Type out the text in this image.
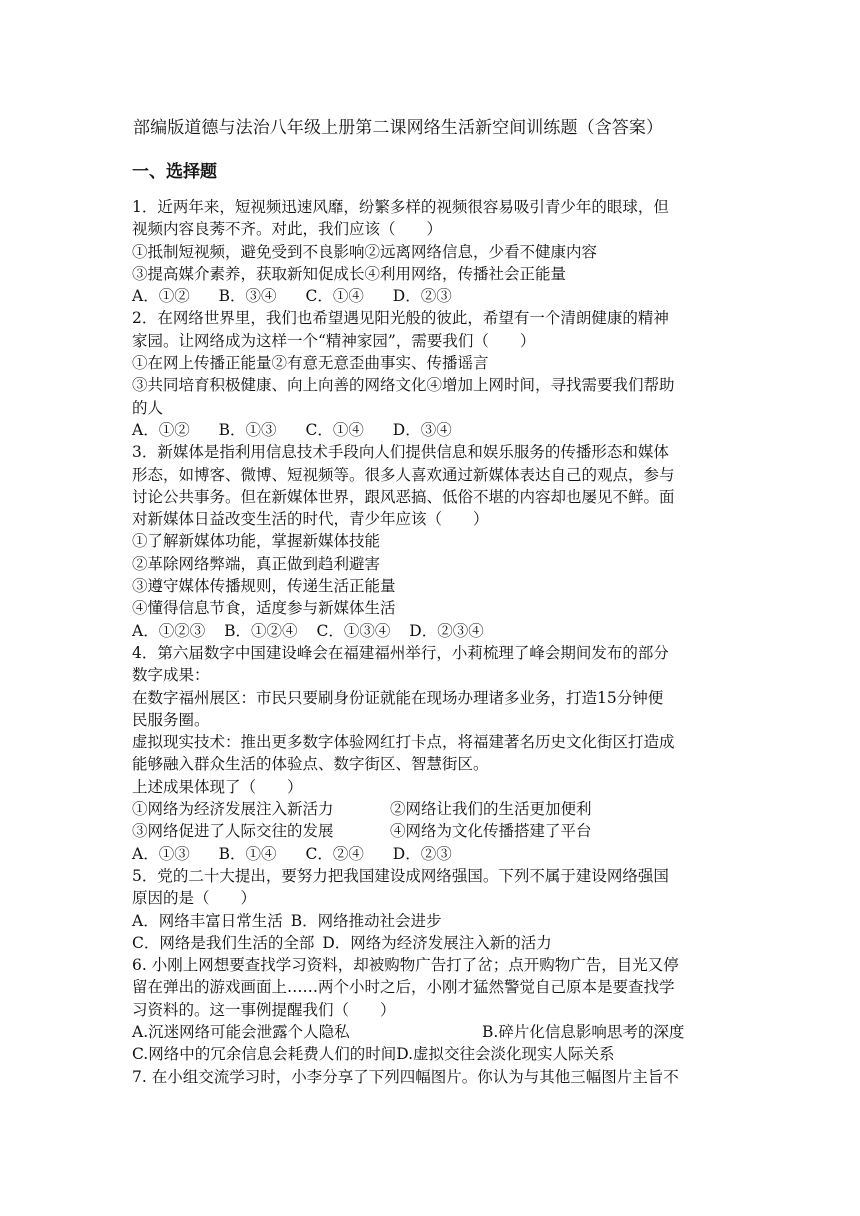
部编版道德与法治八年级上册第二课网络生活新空间训练题（含答案）
一、选择题
1．近两年来，短视频迅速风靡，纷繁多样的视频很容易吸引青少年的眼球，但
视频内容良莠不齐。对此，我们应该（　　）
①抵制短视频，避免受到不良影响②远离网络信息，少看不健康内容
③提高媒介素养，获取新知促成长④利用网络，传播社会正能量
A．①② B．③④ C．①④ D．②③
2．在网络世界里，我们也希望遇见阳光般的彼此，希望有一个清朗健康的精神
家园。让网络成为这样一个“精神家园”，需要我们（　　）
①在网上传播正能量②有意无意歪曲事实、传播谣言
③共同培育积极健康、向上向善的网络文化④增加上网时间，寻找需要我们帮助
的人
A．①② B．①③ C．①④ D．③④
3．新媒体是指利用信息技术手段向人们提供信息和娱乐服务的传播形态和媒体
形态，如博客、微博、短视频等。很多人喜欢通过新媒体表达自己的观点，参与
讨论公共事务。但在新媒体世界，跟风恶搞、低俗不堪的内容却也屡见不鲜。面
对新媒体日益改变生活的时代，青少年应该（　　）
①了解新媒体功能，掌握新媒体技能
②革除网络弊端，真正做到趋利避害
③遵守媒体传播规则，传递生活正能量
④懂得信息节食，适度参与新媒体生活
A．①②③ B．①②④ C．①③④ D．②③④
4．第六届数字中国建设峰会在福建福州举行，小莉梳理了峰会期间发布的部分
数字成果：
在数字福州展区：市民只要刷身份证就能在现场办理诸多业务，打造15分钟便
民服务圈。
虚拟现实技术：推出更多数字体验网红打卡点，将福建著名历史文化街区打造成
能够融入群众生活的体验点、数字街区、智慧街区。
上述成果体现了（　　）
①网络为经济发展注入新活力	②网络让我们的生活更加便利
③网络促进了人际交往的发展	④网络为文化传播搭建了平台
A．①③ B．①④ C．②④ D．②③
5．党的二十大提出，要努力把我国建设成网络强国。下列不属于建设网络强国
原因的是（　　）
A．网络丰富日常生活 B．网络推动社会进步
C．网络是我们生活的全部 D．网络为经济发展注入新的活力
6. 小刚上网想要查找学习资料，却被购物广告打了岔；点开购物广告，目光又停
留在弹出的游戏画面上……两个小时之后，小刚才猛然警觉自己原本是要查找学
习资料的。这一事例提醒我们（　　）
A.沉迷网络可能会泄露个人隐私	B.碎片化信息影响思考的深度
C.网络中的冗余信息会耗费人们的时间D.虚拟交往会淡化现实人际关系
7. 在小组交流学习时，小李分享了下列四幅图片。你认为与其他三幅图片主旨不
